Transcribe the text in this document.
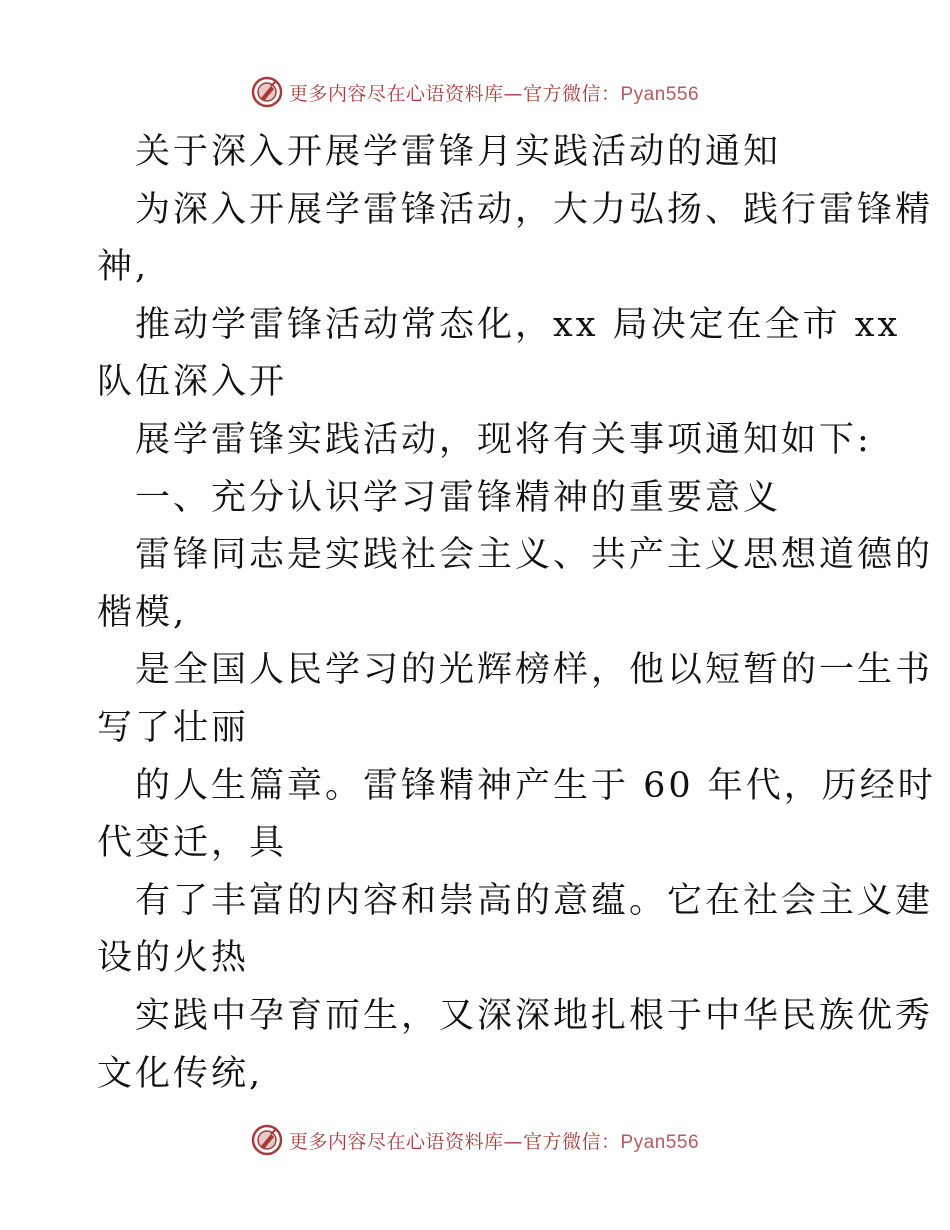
更多内容尽在心语资料库—官方微信：Pyan556
关于深入开展学雷锋月实践活动的通知
为深入开展学雷锋活动，大力弘扬、践行雷锋精
神,
推动学雷锋活动常态化，xx 局决定在全市 xx
队伍深入开
展学雷锋实践活动，现将有关事项通知如下:
一、充分认识学习雷锋精神的重要意义
雷锋同志是实践社会主义、共产主义思想道德的
楷模,
是全国人民学习的光辉榜样，他以短暂的一生书
写了壮丽
的人生篇章。雷锋精神产生于 60 年代，历经时
代变迁，具
有了丰富的内容和崇高的意蕴。它在社会主义建
设的火热
实践中孕育而生，又深深地扎根于中华民族优秀
文化传统,
更多内容尽在心语资料库—官方微信：Pyan556
